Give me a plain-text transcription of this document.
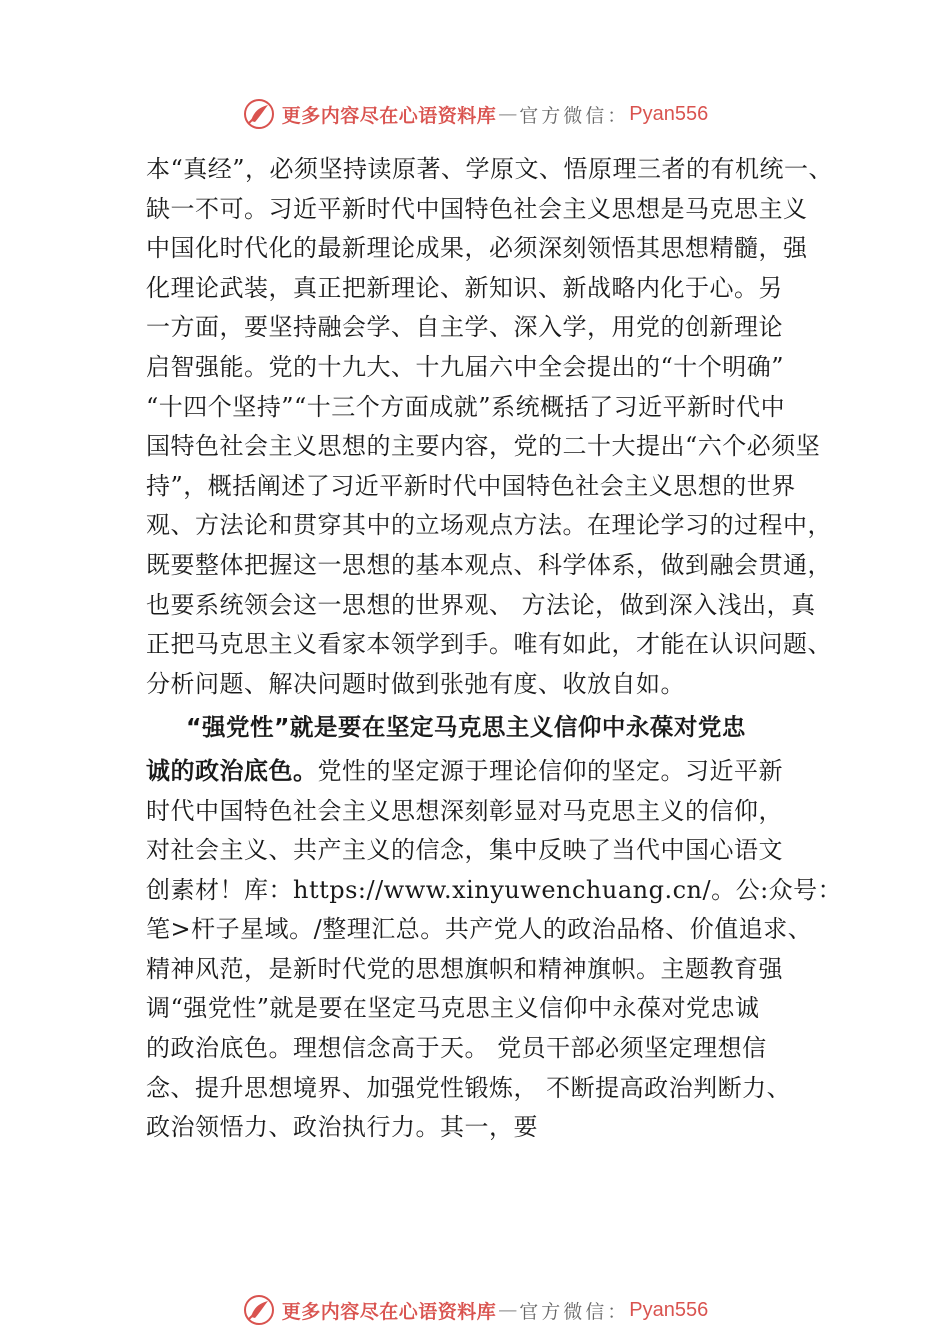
更多内容尽在心语资料库 — 官方微信： Pyan556
本“真经”，必须坚持读原著、学原文、悟原理三者的有机统一、
缺一不可。习近平新时代中国特色社会主义思想是马克思主义
中国化时代化的最新理论成果，必须深刻领悟其思想精髓，强
化理论武装，真正把新理论、新知识、新战略内化于心。另
一方面，要坚持融会学、自主学、深入学，用党的创新理论
启智强能。党的十九大、十九届六中全会提出的“十个明确”
“十四个坚持”“十三个方面成就”系统概括了习近平新时代中
国特色社会主义思想的主要内容，党的二十大提出“六个必须坚
持”，概括阐述了习近平新时代中国特色社会主义思想的世界
观、方法论和贯穿其中的立场观点方法。在理论学习的过程中，
既要整体把握这一思想的基本观点、科学体系，做到融会贯通，
也要系统领会这一思想的世界观、 方法论，做到深入浅出，真
正把马克思主义看家本领学到手。唯有如此，才能在认识问题、
分析问题、解决问题时做到张弛有度、收放自如。
“强党性”就是要在坚定马克思主义信仰中永葆对党忠
诚的政治底色。党性的坚定源于理论信仰的坚定。习近平新
时代中国特色社会主义思想深刻彰显对马克思主义的信仰，
对社会主义、共产主义的信念，集中反映了当代中国心语文
创素材！库：https://www.xinyuwenchuang.cn/。公:众号：
笔>杆子星域。/整理汇总。共产党人的政治品格、价值追求、
精神风范，是新时代党的思想旗帜和精神旗帜。主题教育强
调“强党性”就是要在坚定马克思主义信仰中永葆对党忠诚
的政治底色。理想信念高于天。 党员干部必须坚定理想信
念、提升思想境界、加强党性锻炼， 不断提高政治判断力、
政治领悟力、政治执行力。其一，要
更多内容尽在心语资料库 — 官方微信： Pyan556
